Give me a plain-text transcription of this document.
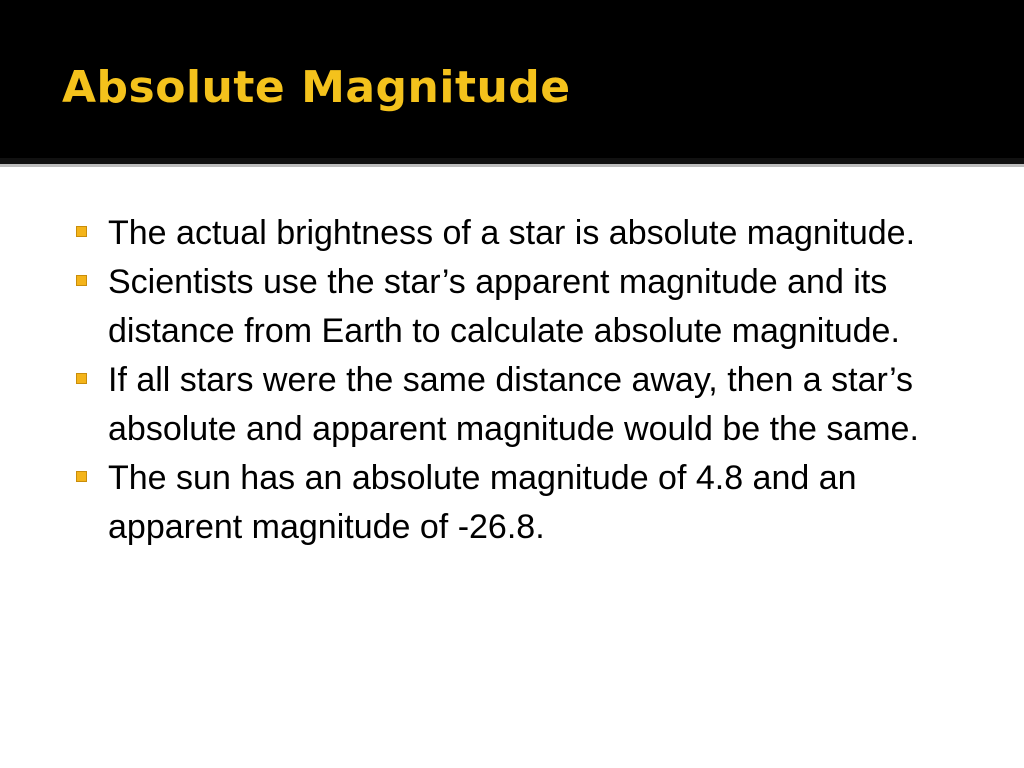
Absolute Magnitude
The actual brightness of a star is absolute magnitude.
Scientists use the star’s apparent magnitude and its distance from Earth to calculate absolute magnitude.
If all stars were the same distance away, then a star’s absolute and apparent magnitude would be the same.
The sun has an absolute magnitude of 4.8 and an apparent magnitude of -26.8.
